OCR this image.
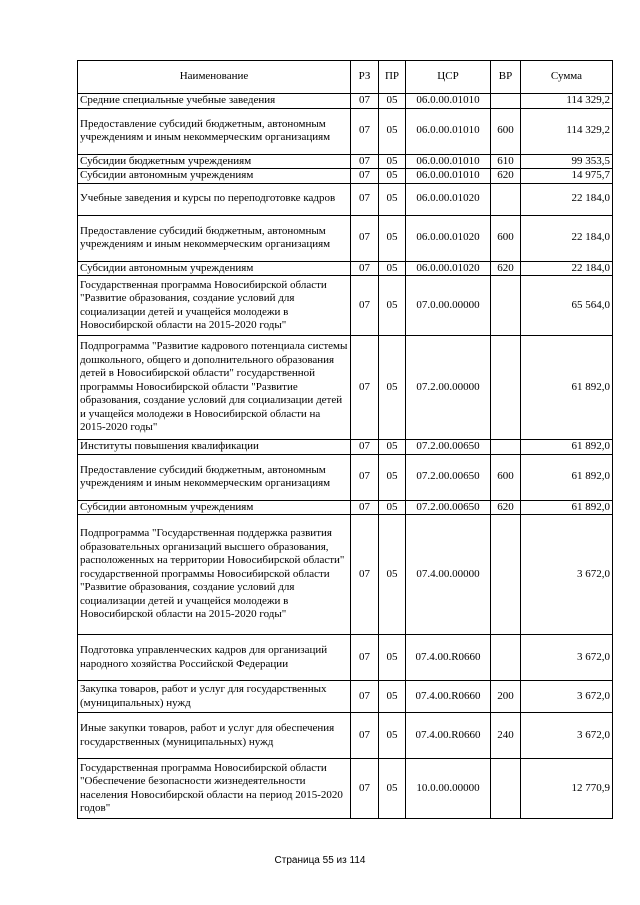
Наименование	РЗ	ПР	ЦСР	ВР	Сумма
Средние специальные учебные заведения	07	05	06.0.00.01010		114 329,2
Предоставление субсидий бюджетным, автономным учреждениям и иным некоммерческим организациям	07	05	06.0.00.01010	600	114 329,2
Субсидии бюджетным учреждениям	07	05	06.0.00.01010	610	99 353,5
Субсидии автономным учреждениям	07	05	06.0.00.01010	620	14 975,7
Учебные заведения и курсы по переподготовке кадров	07	05	06.0.00.01020		22 184,0
Предоставление субсидий бюджетным, автономным учреждениям и иным некоммерческим организациям	07	05	06.0.00.01020	600	22 184,0
Субсидии автономным учреждениям	07	05	06.0.00.01020	620	22 184,0
Государственная программа Новосибирской области "Развитие образования, создание условий для социализации детей и учащейся молодежи в Новосибирской области на 2015-2020 годы"	07	05	07.0.00.00000		65 564,0
Подпрограмма "Развитие кадрового потенциала системы дошкольного, общего и дополнительного образования детей в Новосибирской области" государственной программы Новосибирской области "Развитие образования, создание условий для социализации детей и учащейся молодежи в Новосибирской области на 2015-2020 годы"	07	05	07.2.00.00000		61 892,0
Институты повышения квалификации	07	05	07.2.00.00650		61 892,0
Предоставление субсидий бюджетным, автономным учреждениям и иным некоммерческим организациям	07	05	07.2.00.00650	600	61 892,0
Субсидии автономным учреждениям	07	05	07.2.00.00650	620	61 892,0
Подпрограмма "Государственная поддержка развития образовательных организаций высшего образования, расположенных на территории Новосибирской области" государственной программы Новосибирской области "Развитие образования, создание условий для социализации детей и учащейся молодежи в Новосибирской области на 2015-2020 годы"	07	05	07.4.00.00000		3 672,0
Подготовка управленческих кадров для организаций народного хозяйства Российской Федерации	07	05	07.4.00.R0660		3 672,0
Закупка товаров, работ и услуг для государственных (муниципальных) нужд	07	05	07.4.00.R0660	200	3 672,0
Иные закупки товаров, работ и услуг для обеспечения государственных (муниципальных) нужд	07	05	07.4.00.R0660	240	3 672,0
Государственная программа Новосибирской области "Обеспечение безопасности жизнедеятельности населения Новосибирской области на период 2015-2020 годов"	07	05	10.0.00.00000		12 770,9
Страница 55 из 114
